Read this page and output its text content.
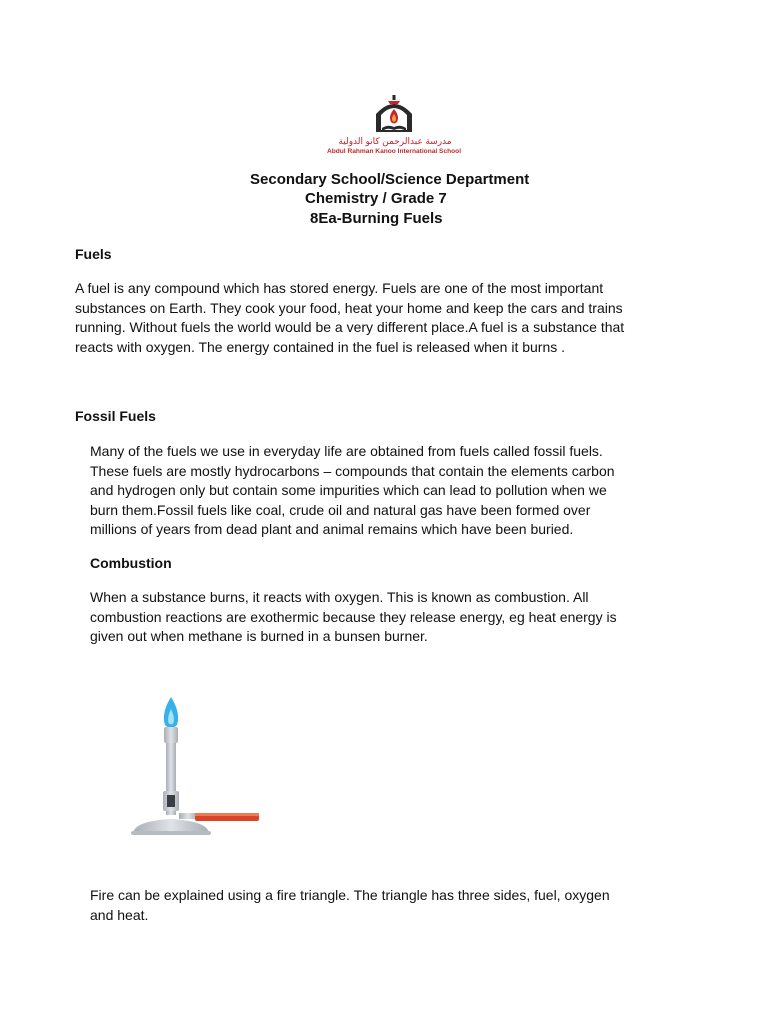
مدرسة عبدالرحمن كانو الدولية
Abdul Rahman Kanoo International School
Secondary School/Science Department
Chemistry / Grade 7
8Ea-Burning Fuels
Fuels
A fuel is any compound which has stored energy. Fuels are one of the most important
substances on Earth. They cook your food, heat your home and keep the cars and trains
running. Without fuels the world would be a very different place.A fuel is a substance that
reacts with oxygen. The energy contained in the fuel is released when it burns .
Fossil Fuels
Many of the fuels we use in everyday life are obtained from fuels called fossil fuels.
These fuels are mostly hydrocarbons – compounds that contain the elements carbon
and hydrogen only but contain some impurities which can lead to pollution when we
burn them.Fossil fuels like coal, crude oil and natural gas have been formed over
millions of years from dead plant and animal remains which have been buried.
Combustion
When a substance burns, it reacts with oxygen. This is known as combustion. All
combustion reactions are exothermic because they release energy, eg heat energy is
given out when methane is burned in a bunsen burner.
Fire can be explained using a fire triangle. The triangle has three sides, fuel, oxygen
and heat.
